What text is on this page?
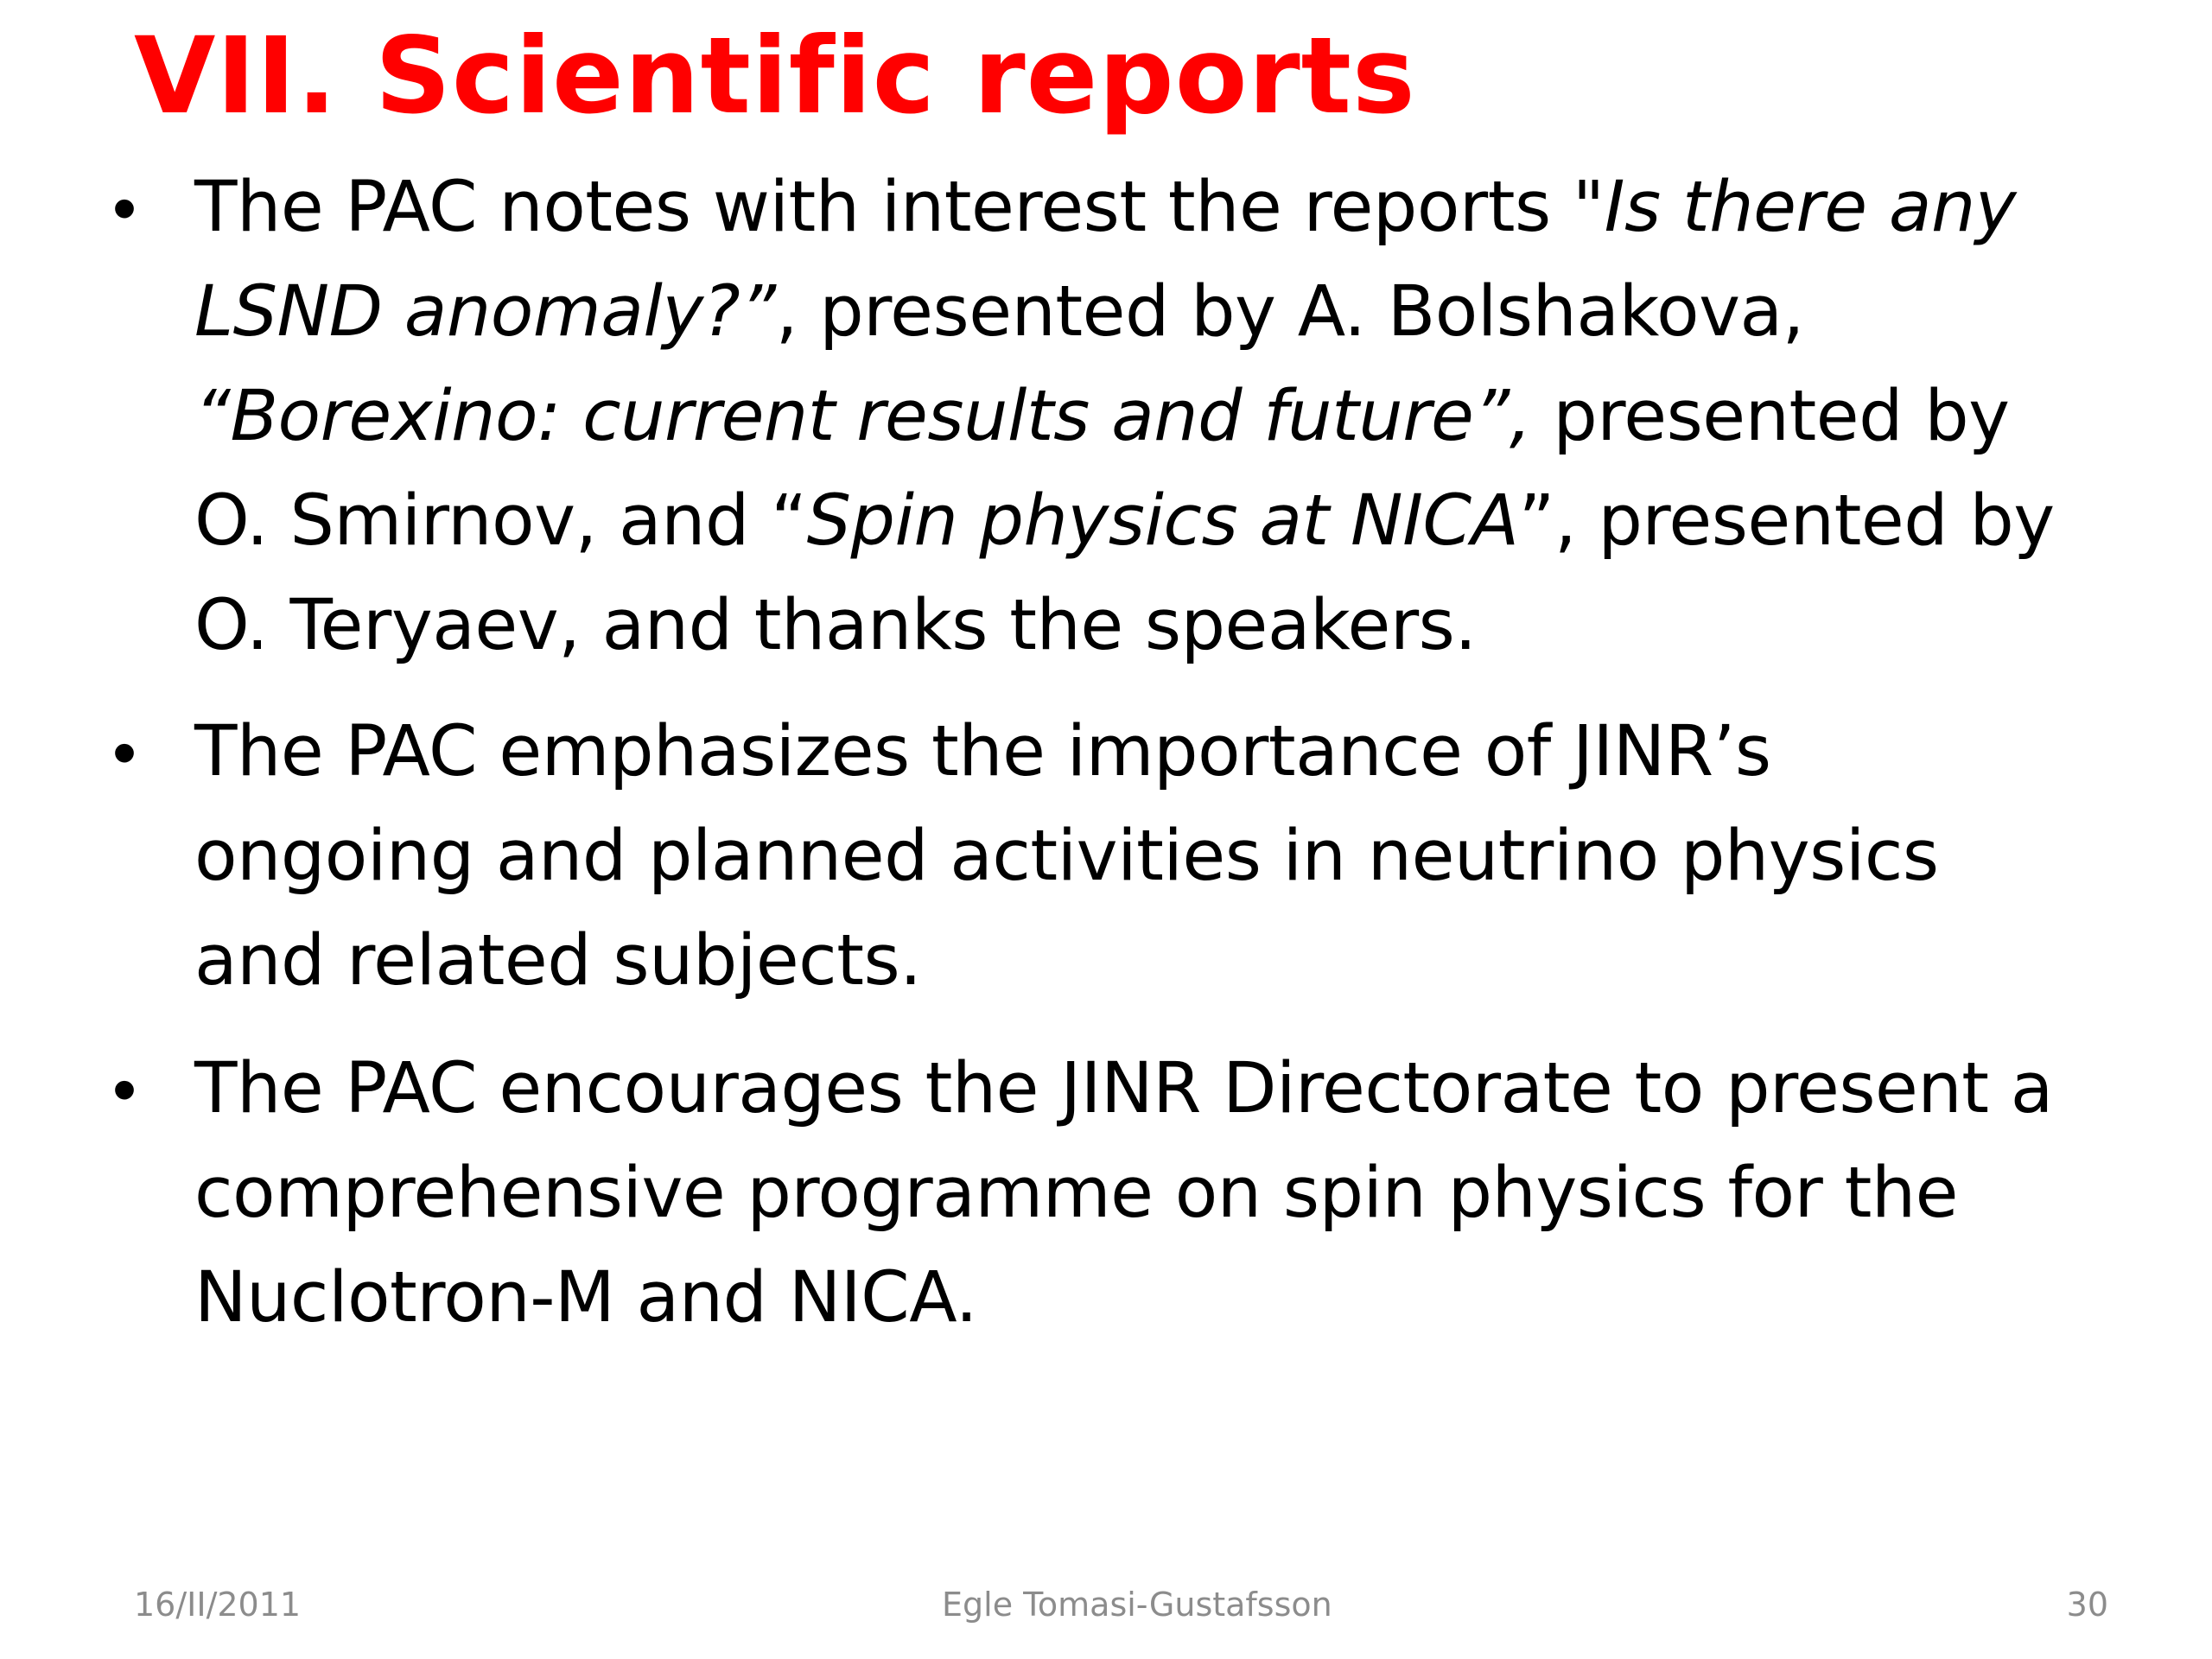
VII. Scientific reports
• The PAC notes with interest the reports "Is there any
LSND anomaly?”, presented by A. Bolshakova,
“Borexino: current results and future”, presented by
O. Smirnov, and “Spin physics at NICA”, presented by
O. Teryaev, and thanks the speakers.

• The PAC emphasizes the importance of JINR’s
ongoing and planned activities in neutrino physics
and related subjects.

• The PAC encourages the JINR Directorate to present a
comprehensive programme on spin physics for the
Nuclotron-M and NICA.

16/II/2011	Egle Tomasi-Gustafsson	30
